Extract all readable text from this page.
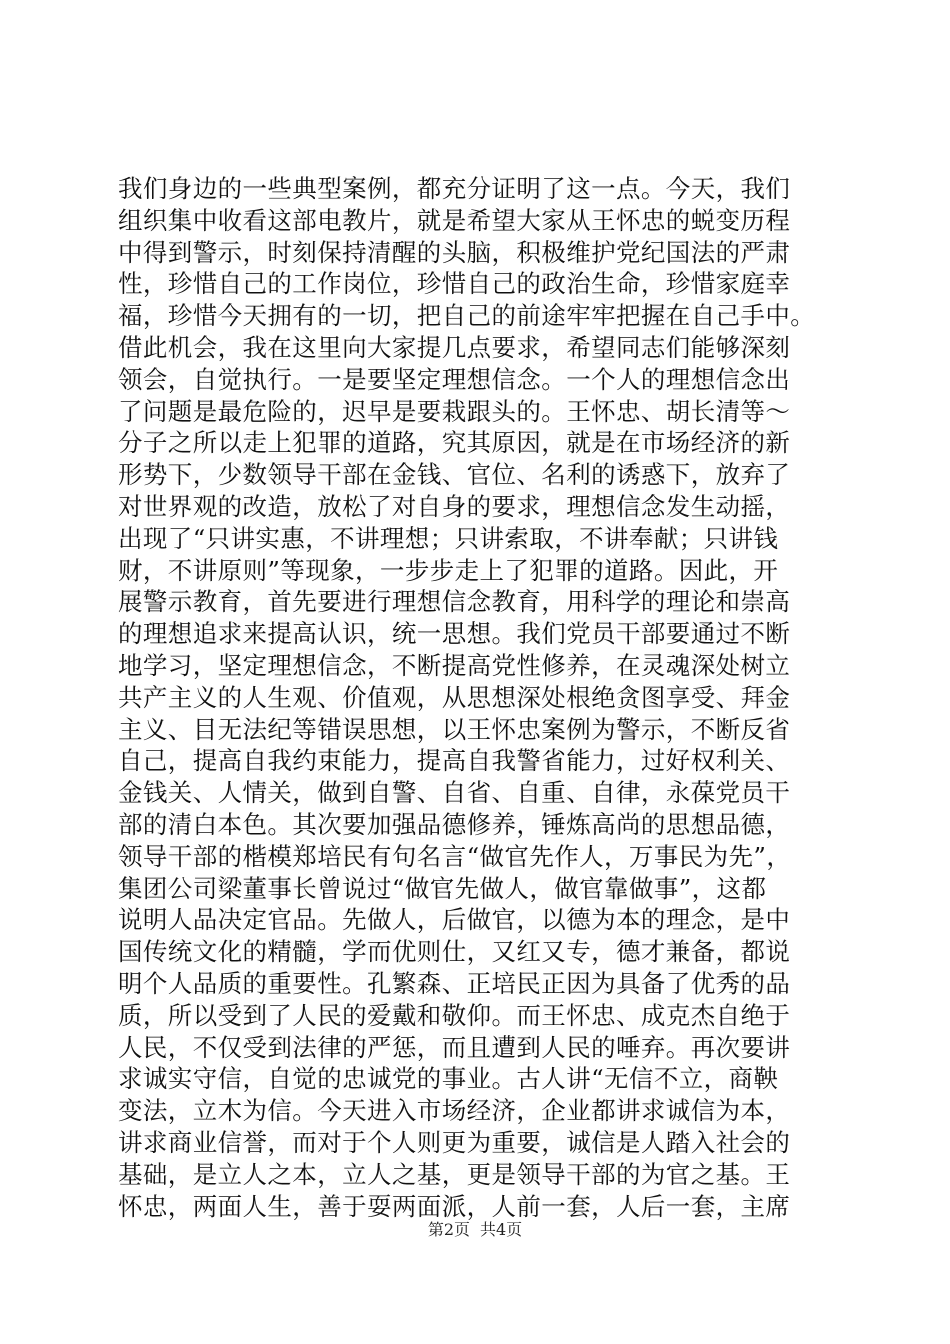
我们身边的一些典型案例，都充分证明了这一点。今天，我们
组织集中收看这部电教片，就是希望大家从王怀忠的蜕变历程
中得到警示，时刻保持清醒的头脑，积极维护党纪国法的严肃
性，珍惜自己的工作岗位，珍惜自己的政治生命，珍惜家庭幸
福，珍惜今天拥有的一切，把自己的前途牢牢把握在自己手中。
借此机会，我在这里向大家提几点要求，希望同志们能够深刻
领会，自觉执行。一是要坚定理想信念。一个人的理想信念出
了问题是最危险的，迟早是要栽跟头的。王怀忠、胡长清等～
分子之所以走上犯罪的道路，究其原因，就是在市场经济的新
形势下，少数领导干部在金钱、官位、名利的诱惑下，放弃了
对世界观的改造，放松了对自身的要求，理想信念发生动摇，
出现了“只讲实惠，不讲理想；只讲索取，不讲奉献；只讲钱
财，不讲原则”等现象，一步步走上了犯罪的道路。因此，开
展警示教育，首先要进行理想信念教育，用科学的理论和崇高
的理想追求来提高认识，统一思想。我们党员干部要通过不断
地学习，坚定理想信念，不断提高党性修养，在灵魂深处树立
共产主义的人生观、价值观，从思想深处根绝贪图享受、拜金
主义、目无法纪等错误思想，以王怀忠案例为警示，不断反省
自己，提高自我约束能力，提高自我警省能力，过好权利关、
金钱关、人情关，做到自警、自省、自重、自律，永葆党员干
部的清白本色。其次要加强品德修养，锤炼高尚的思想品德，
领导干部的楷模郑培民有句名言“做官先作人，万事民为先”，
集团公司梁董事长曾说过“做官先做人，做官靠做事”，这都
说明人品决定官品。先做人，后做官，以德为本的理念，是中
国传统文化的精髓，学而优则仕，又红又专，德才兼备，都说
明个人品质的重要性。孔繁森、正培民正因为具备了优秀的品
质，所以受到了人民的爱戴和敬仰。而王怀忠、成克杰自绝于
人民，不仅受到法律的严惩，而且遭到人民的唾弃。再次要讲
求诚实守信，自觉的忠诚党的事业。古人讲“无信不立，商鞅
变法，立木为信。今天进入市场经济，企业都讲求诚信为本，
讲求商业信誉，而对于个人则更为重要，诚信是人踏入社会的
基础，是立人之本，立人之基，更是领导干部的为官之基。王
怀忠，两面人生，善于耍两面派，人前一套，人后一套，主席
第2页 共4页
